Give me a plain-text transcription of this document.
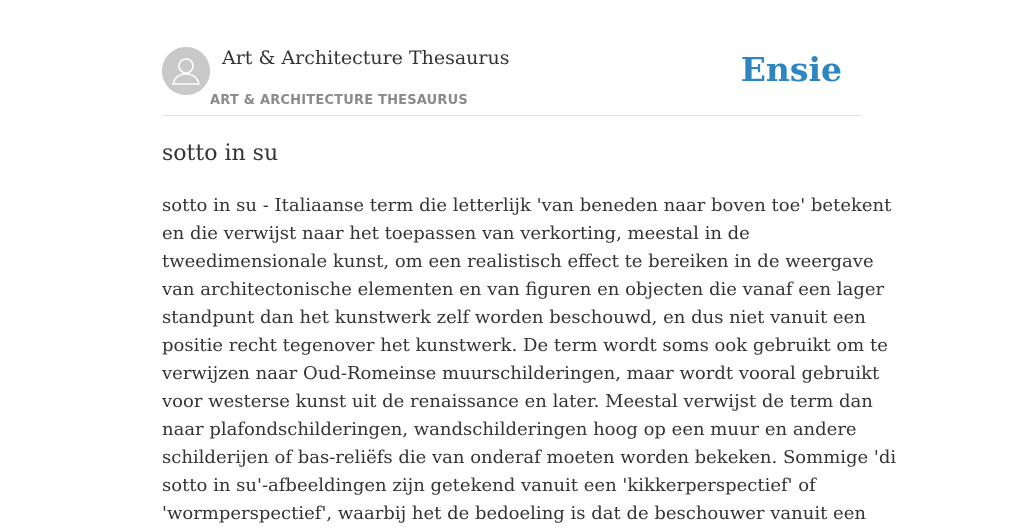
Art & Architecture Thesaurus
ART & ARCHITECTURE THESAURUS
Ensie
sotto in su

sotto in su - Italiaanse term die letterlijk 'van beneden naar boven toe' betekent
en die verwijst naar het toepassen van verkorting, meestal in de
tweedimensionale kunst, om een realistisch effect te bereiken in de weergave
van architectonische elementen en van figuren en objecten die vanaf een lager
standpunt dan het kunstwerk zelf worden beschouwd, en dus niet vanuit een
positie recht tegenover het kunstwerk. De term wordt soms ook gebruikt om te
verwijzen naar Oud-Romeinse muurschilderingen, maar wordt vooral gebruikt
voor westerse kunst uit de renaissance en later. Meestal verwijst de term dan
naar plafondschilderingen, wandschilderingen hoog op een muur en andere
schilderijen of bas-reliëfs die van onderaf moeten worden bekeken. Sommige 'di
sotto in su'-afbeeldingen zijn getekend vanuit een 'kikkerperspectief' of
'wormperspectief', waarbij het de bedoeling is dat de beschouwer vanuit een
